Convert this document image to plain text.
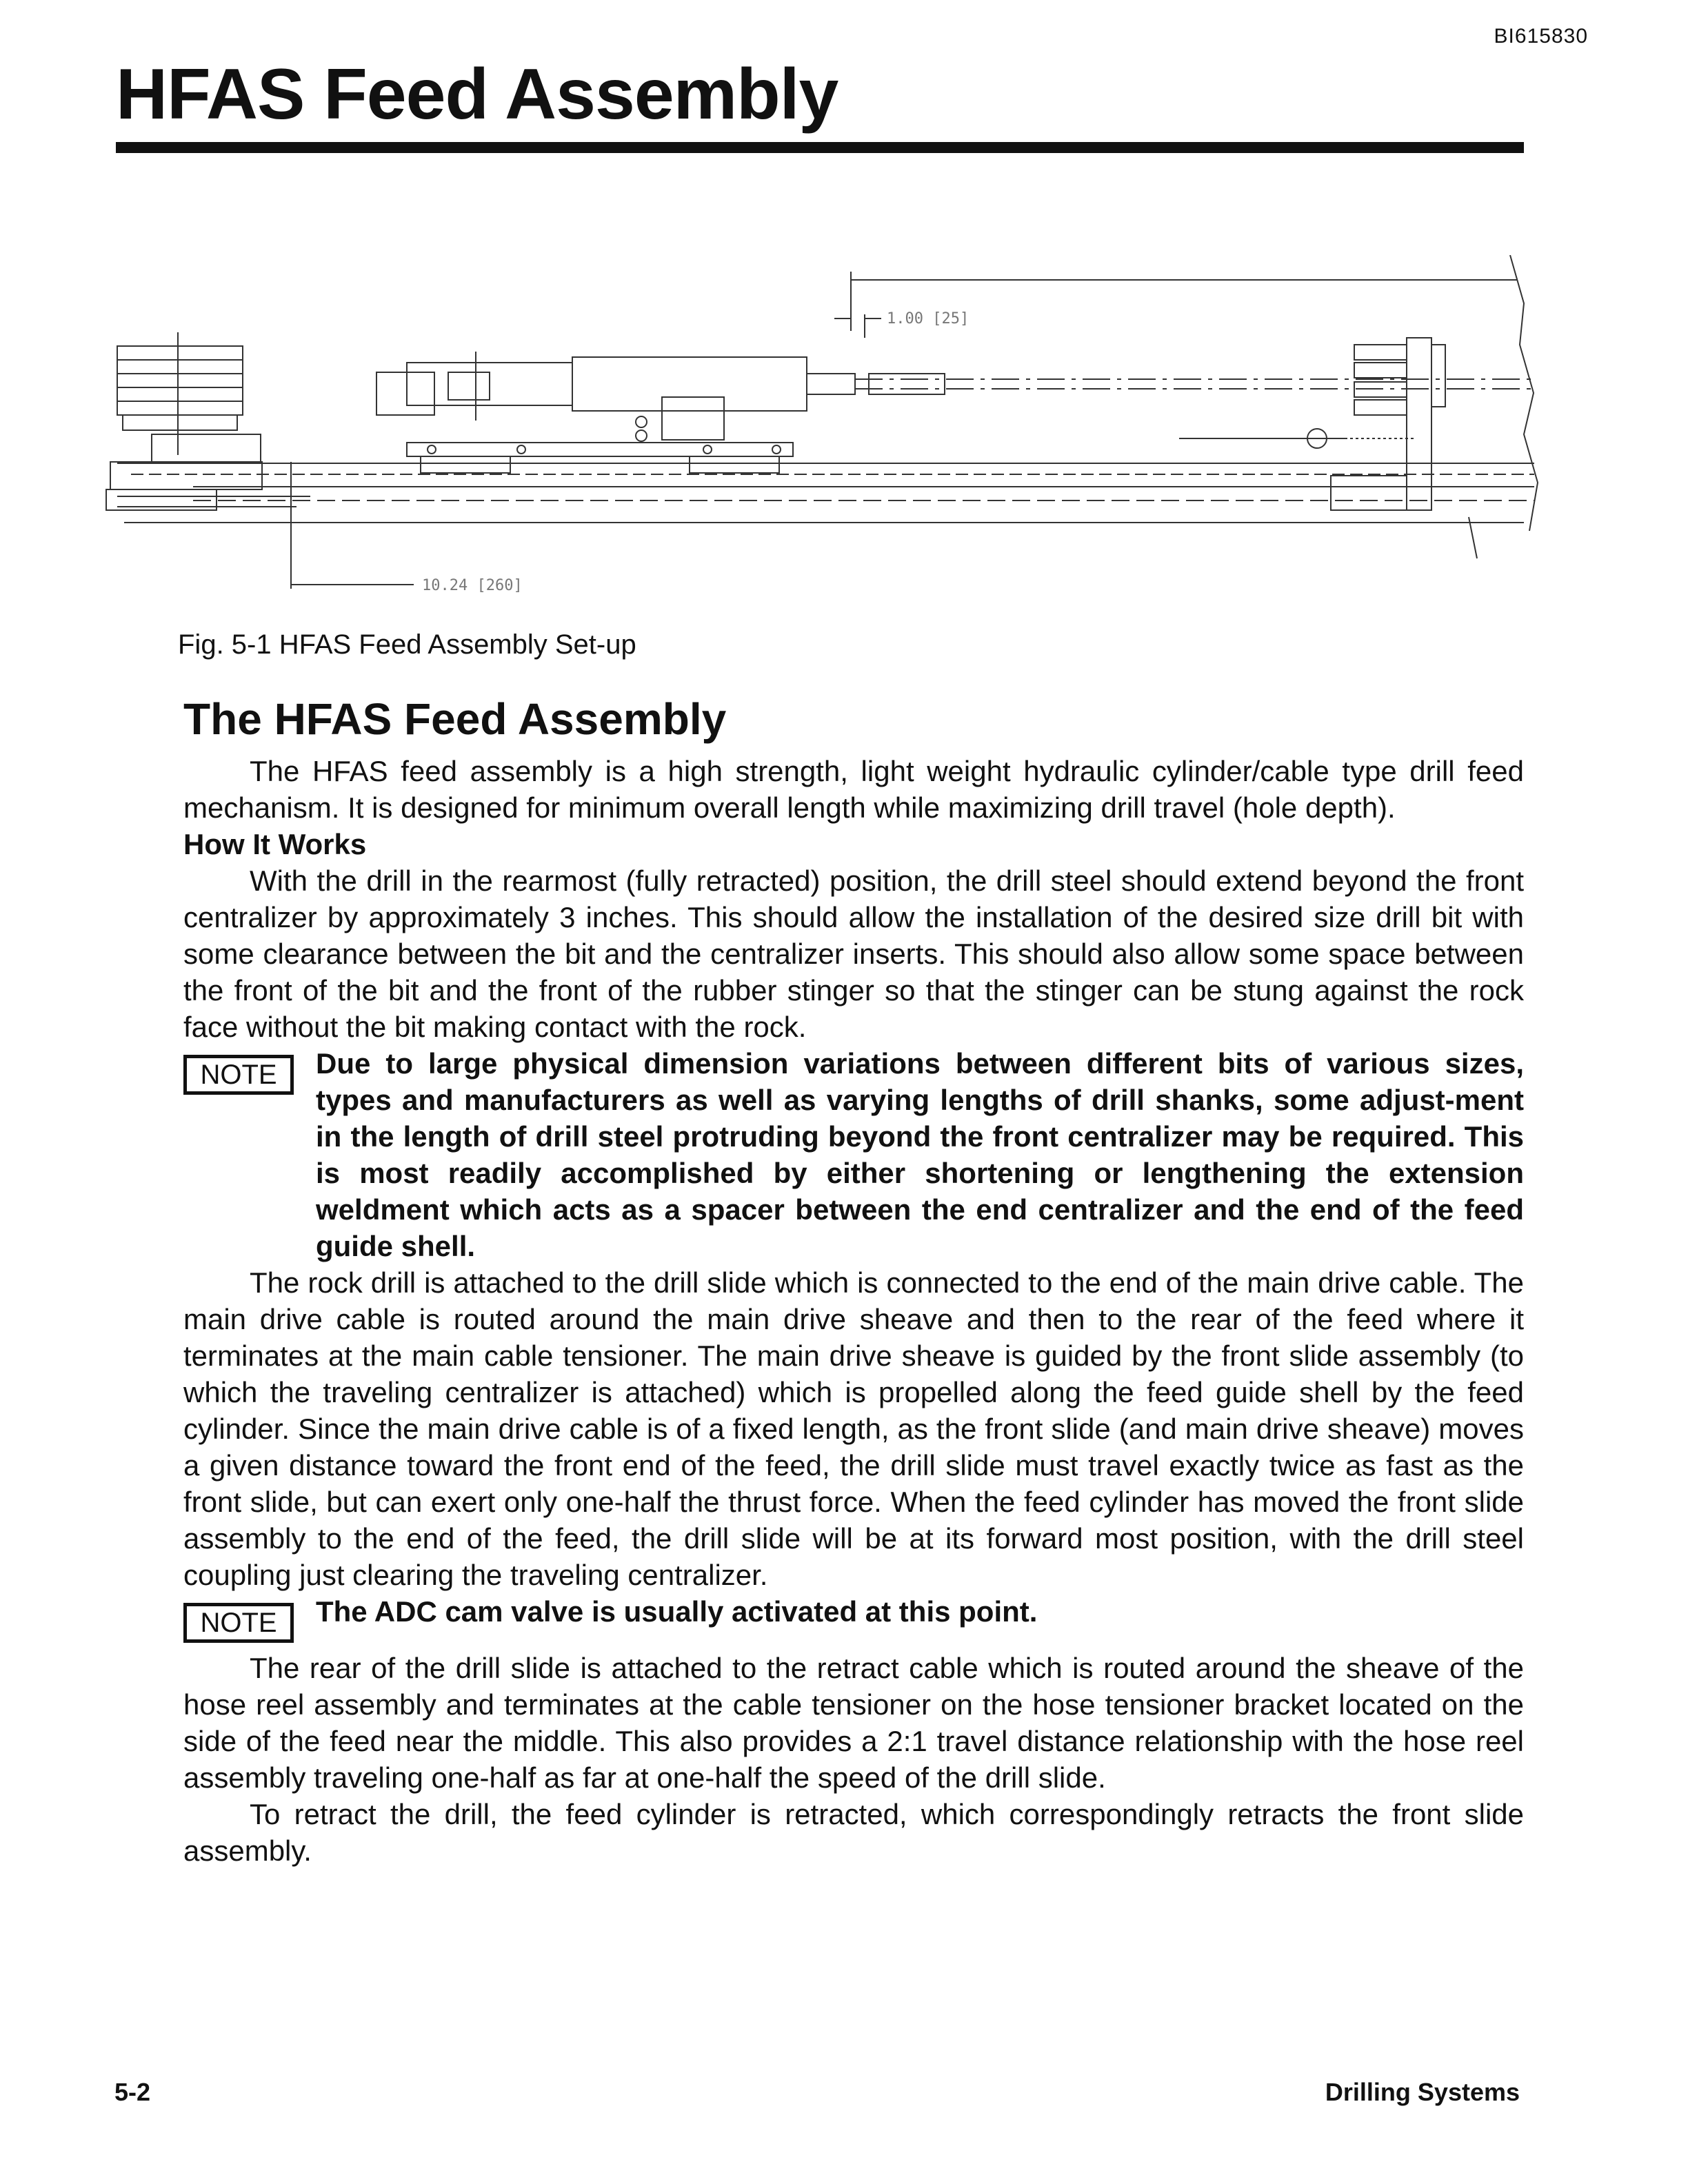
BI615830
HFAS Feed Assembly
1.00 [25]
10.24 [260]
Fig. 5-1 HFAS Feed Assembly Set-up
The HFAS Feed Assembly

The HFAS feed assembly is a high strength, light weight hydraulic cylinder/cable type drill feed mechanism. It is designed for minimum overall length while maximizing drill travel (hole depth).

How It Works

With the drill in the rearmost (fully retracted) position, the drill steel should extend beyond the front centralizer by approximately 3 inches. This should allow the installation of the desired size drill bit with some clearance between the bit and the centralizer inserts. This should also allow some space between the front of the bit and the front of the rubber stinger so that the stinger can be stung against the rock face without the bit making contact with the rock.

NOTE	Due to large physical dimension variations between different bits of various sizes, types and manufacturers as well as varying lengths of drill shanks, some adjust-ment in the length of drill steel protruding beyond the front centralizer may be required. This is most readily accomplished by either shortening or lengthening the extension weldment which acts as a spacer between the end centralizer and the end of the feed guide shell.

The rock drill is attached to the drill slide which is connected to the end of the main drive cable. The main drive cable is routed around the main drive sheave and then to the rear of the feed where it terminates at the main cable tensioner. The main drive sheave is guided by the front slide assembly (to which the traveling centralizer is attached) which is propelled along the feed guide shell by the feed cylinder. Since the main drive cable is of a fixed length, as the front slide (and main drive sheave) moves a given distance toward the front end of the feed, the drill slide must travel exactly twice as fast as the front slide, but can exert only one-half the thrust force. When the feed cylinder has moved the front slide assembly to the end of the feed, the drill slide will be at its forward most position, with the drill steel coupling just clearing the traveling centralizer.

NOTE	The ADC cam valve is usually activated at this point.

The rear of the drill slide is attached to the retract cable which is routed around the sheave of the hose reel assembly and terminates at the cable tensioner on the hose tensioner bracket located on the side of the feed near the middle. This also provides a 2:1 travel distance relationship with the hose reel assembly traveling one-half as far at one-half the speed of the drill slide.

To retract the drill, the feed cylinder is retracted, which correspondingly retracts the front slide assembly.

5-2	Drilling Systems
